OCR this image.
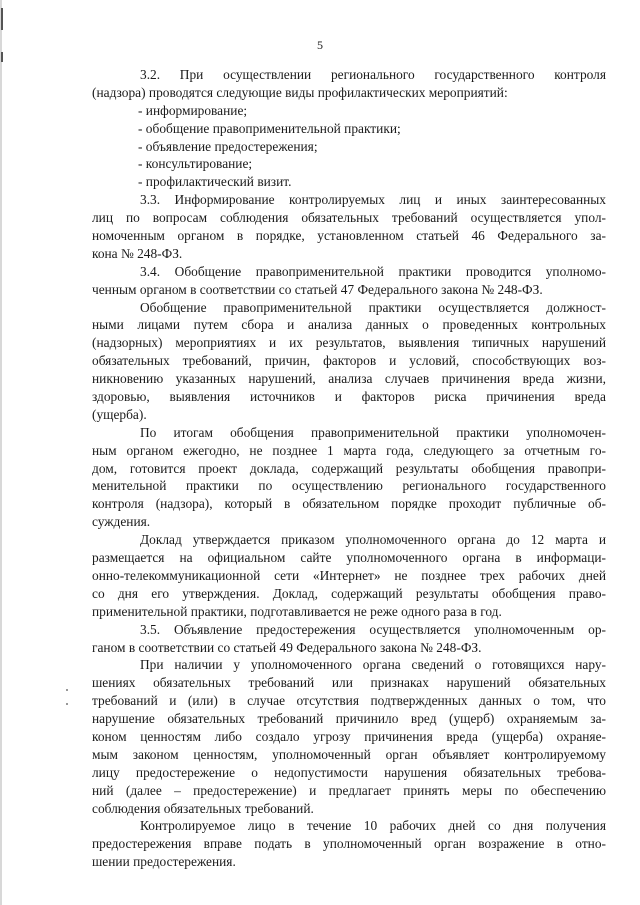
5
3.2. При осуществлении регионального государственного контроля
(надзора) проводятся следующие виды профилактических мероприятий:
- информирование;
- обобщение правоприменительной практики;
- объявление предостережения;
- консультирование;
- профилактический визит.
3.3. Информирование контролируемых лиц и иных заинтересованных
лиц по вопросам соблюдения обязательных требований осуществляется упол-
номоченным органом в порядке, установленном статьей 46 Федерального за-
кона № 248-ФЗ.
3.4. Обобщение правоприменительной практики проводится уполномо-
ченным органом в соответствии со статьей 47 Федерального закона № 248-ФЗ.
Обобщение правоприменительной практики осуществляется должност-
ными лицами путем сбора и анализа данных о проведенных контрольных
(надзорных) мероприятиях и их результатов, выявления типичных нарушений
обязательных требований, причин, факторов и условий, способствующих воз-
никновению указанных нарушений, анализа случаев причинения вреда жизни,
здоровью, выявления источников и факторов риска причинения вреда
(ущерба).
По итогам обобщения правоприменительной практики уполномочен-
ным органом ежегодно, не позднее 1 марта года, следующего за отчетным го-
дом, готовится проект доклада, содержащий результаты обобщения правопри-
менительной практики по осуществлению регионального государственного
контроля (надзора), который в обязательном порядке проходит публичные об-
суждения.
Доклад утверждается приказом уполномоченного органа до 12 марта и
размещается на официальном сайте уполномоченного органа в информаци-
онно-телекоммуникационной сети «Интернет» не позднее трех рабочих дней
со дня его утверждения. Доклад, содержащий результаты обобщения право-
применительной практики, подготавливается не реже одного раза в год.
3.5. Объявление предостережения осуществляется уполномоченным ор-
ганом в соответствии со статьей 49 Федерального закона № 248-ФЗ.
При наличии у уполномоченного органа сведений о готовящихся нару-
шениях обязательных требований или признаках нарушений обязательных
требований и (или) в случае отсутствия подтвержденных данных о том, что
нарушение обязательных требований причинило вред (ущерб) охраняемым за-
коном ценностям либо создало угрозу причинения вреда (ущерба) охраняе-
мым законом ценностям, уполномоченный орган объявляет контролируемому
лицу предостережение о недопустимости нарушения обязательных требова-
ний (далее – предостережение) и предлагает принять меры по обеспечению
соблюдения обязательных требований.
Контролируемое лицо в течение 10 рабочих дней со дня получения
предостережения вправе подать в уполномоченный орган возражение в отно-
шении предостережения.
